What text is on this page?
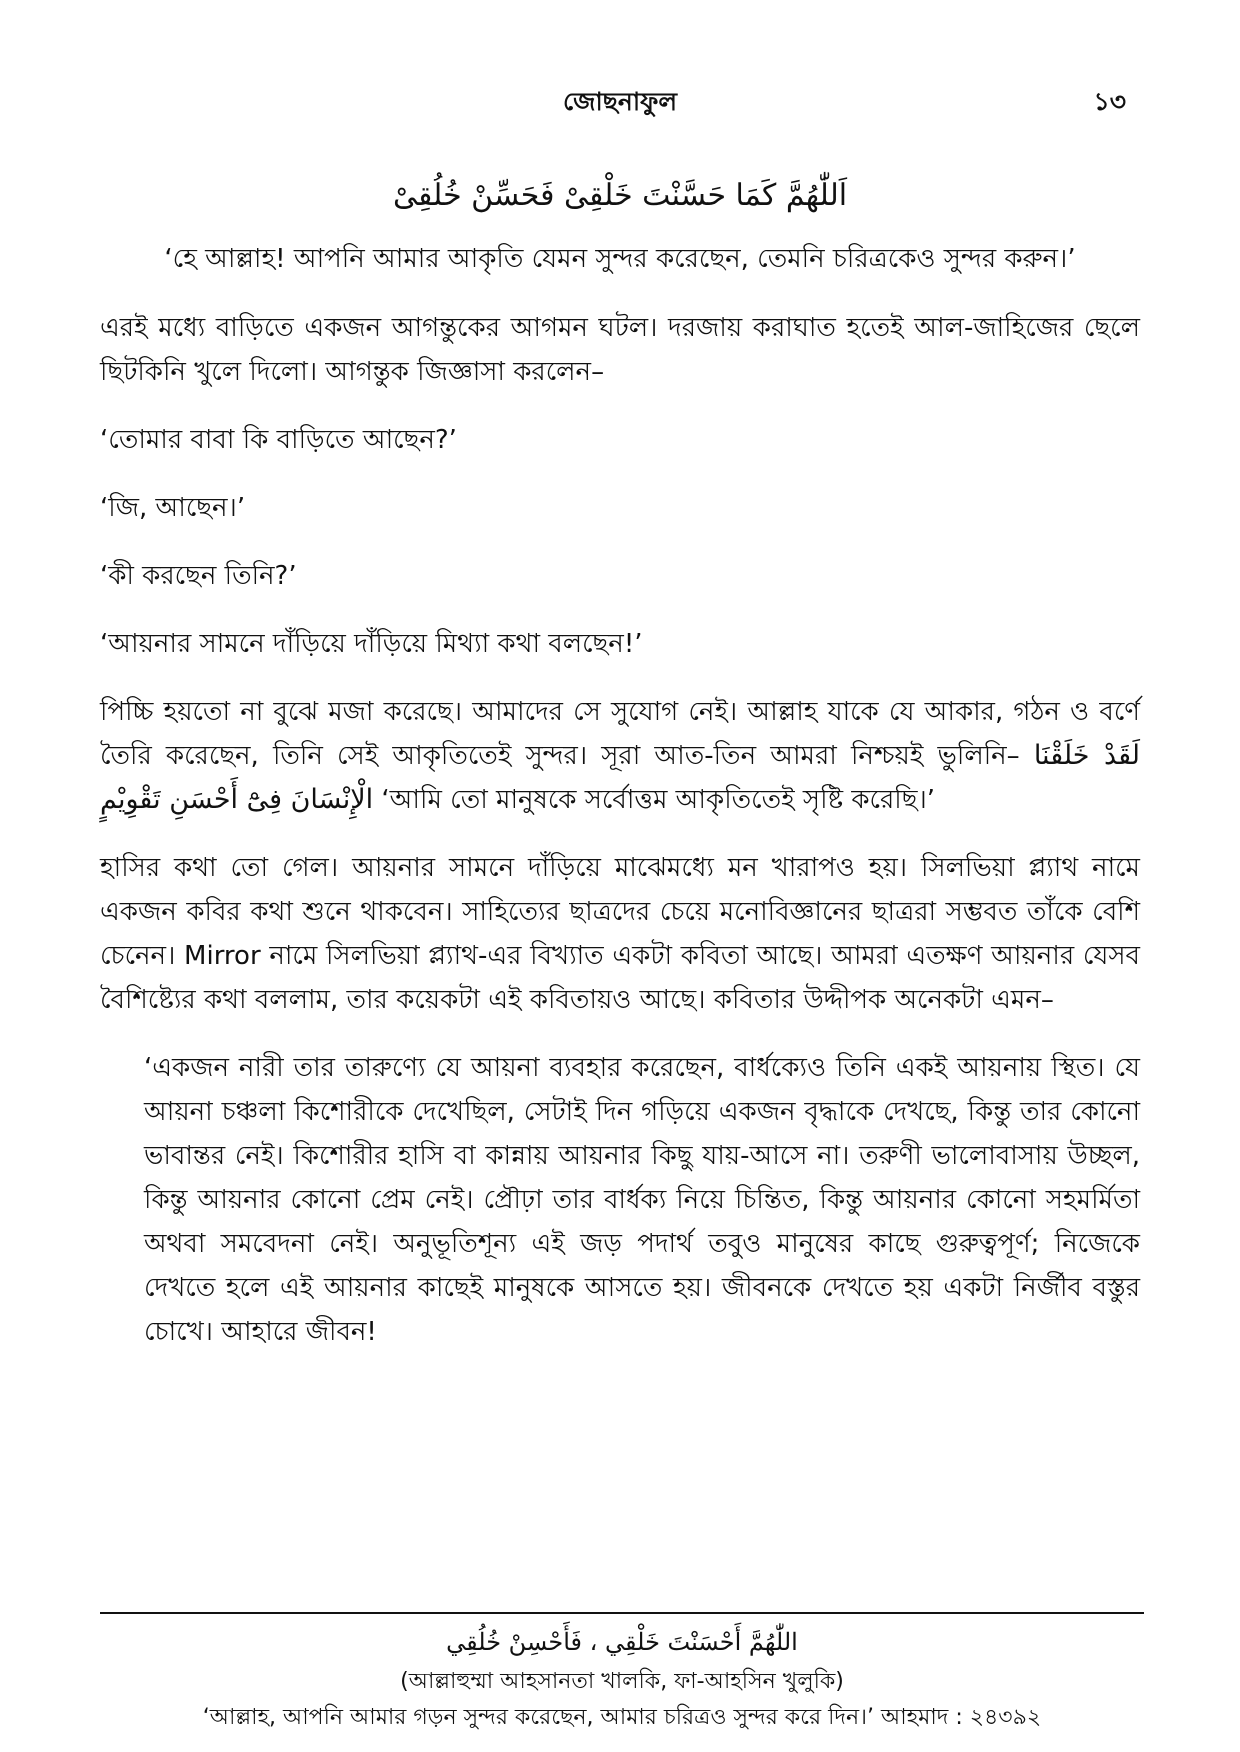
জোছনাফুল	১৩
اَللّٰهُمَّ كَمَا حَسَّنْتَ خَلْقِىْ فَحَسِّنْ خُلُقِىْ
‘হে আল্লাহ! আপনি আমার আকৃতি যেমন সুন্দর করেছেন, তেমনি চরিত্রকেও সুন্দর করুন।’

এরই মধ্যে বাড়িতে একজন আগন্তুকের আগমন ঘটল। দরজায় করাঘাত হতেই আল-জাহিজের ছেলে ছিটকিনি খুলে দিলো। আগন্তুক জিজ্ঞাসা করলেন–

‘তোমার বাবা কি বাড়িতে আছেন?’

‘জি, আছেন।’

‘কী করছেন তিনি?’

‘আয়নার সামনে দাঁড়িয়ে দাঁড়িয়ে মিথ্যা কথা বলছেন!’

পিচ্চি হয়তো না বুঝে মজা করেছে। আমাদের সে সুযোগ নেই। আল্লাহ যাকে যে আকার, গঠন ও বর্ণে তৈরি করেছেন, তিনি সেই আকৃতিতেই সুন্দর। সূরা আত-তিন আমরা নিশ্চয়ই ভুলিনি– لَقَدْ خَلَقْنَا الْإِنْسَانَ فِىْٓ أَحْسَنِ تَقْوِيْمٍ ‘আমি তো মানুষকে সর্বোত্তম আকৃতিতেই সৃষ্টি করেছি।’

হাসির কথা তো গেল। আয়নার সামনে দাঁড়িয়ে মাঝেমধ্যে মন খারাপও হয়। সিলভিয়া প্ল্যাথ নামে একজন কবির কথা শুনে থাকবেন। সাহিত্যের ছাত্রদের চেয়ে মনোবিজ্ঞানের ছাত্ররা সম্ভবত তাঁকে বেশি চেনেন। Mirror নামে সিলভিয়া প্ল্যাথ-এর বিখ্যাত একটা কবিতা আছে। আমরা এতক্ষণ আয়নার যেসব বৈশিষ্ট্যের কথা বললাম, তার কয়েকটা এই কবিতায়ও আছে। কবিতার উদ্দীপক অনেকটা এমন–

‘একজন নারী তার তারুণ্যে যে আয়না ব্যবহার করেছেন, বার্ধক্যেও তিনি একই আয়নায় স্থিত। যে আয়না চঞ্চলা কিশোরীকে দেখেছিল, সেটাই দিন গড়িয়ে একজন বৃদ্ধাকে দেখছে, কিন্তু তার কোনো ভাবান্তর নেই। কিশোরীর হাসি বা কান্নায় আয়নার কিছু যায়-আসে না। তরুণী ভালোবাসায় উচ্ছল, কিন্তু আয়নার কোনো প্রেম নেই। প্রৌঢ়া তার বার্ধক্য নিয়ে চিন্তিত, কিন্তু আয়নার কোনো সহমর্মিতা অথবা সমবেদনা নেই। অনুভূতিশূন্য এই জড় পদার্থ তবুও মানুষের কাছে গুরুত্বপূর্ণ; নিজেকে দেখতে হলে এই আয়নার কাছেই মানুষকে আসতে হয়। জীবনকে দেখতে হয় একটা নির্জীব বস্তুর চোখে। আহারে জীবন!

اللّٰهُمَّ أَحْسَنْتَ خَلْقِي ، فَأَحْسِنْ خُلُقِي
(আল্লাহুম্মা আহসানতা খালকি, ফা-আহসিন খুলুকি)
‘আল্লাহ, আপনি আমার গড়ন সুন্দর করেছেন, আমার চরিত্রও সুন্দর করে দিন।’ আহমাদ : ২৪৩৯২
